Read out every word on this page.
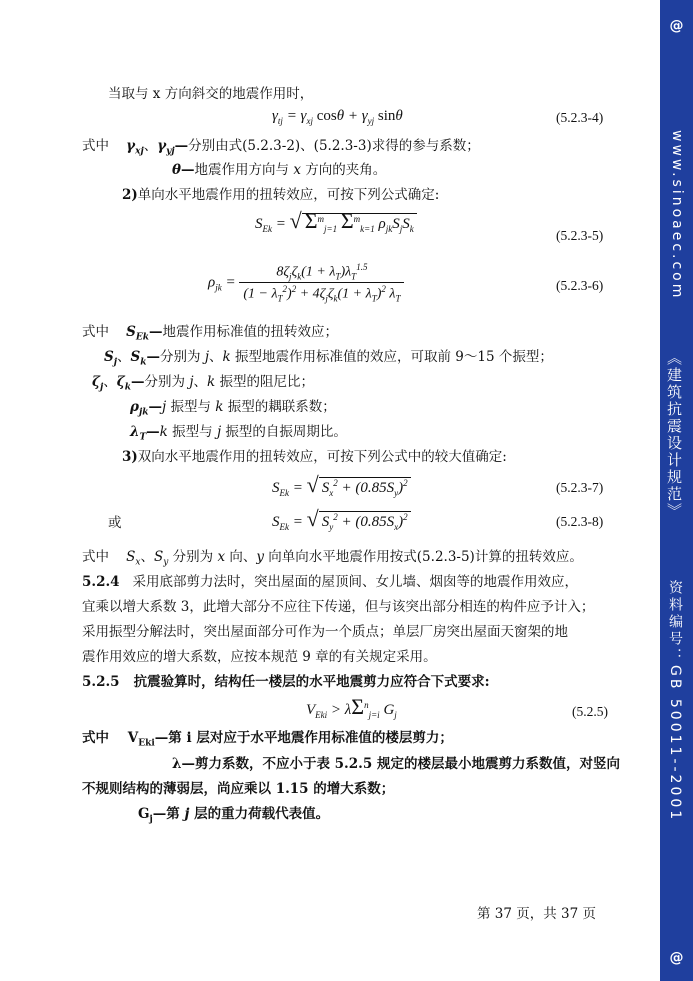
当取与 x 方向斜交的地震作用时，
$\gamma_{tj} = \gamma_{xj}$ $\cos\theta + \gamma_{yj}$ sinθ	(5.2.3-4)
式中    $\gamma_{xj}$、$\gamma_{yj}—$分别由式(5.2.3-2)、(5.2.3-3)求得的参与系数；
θ—地震作用方向与 x 方向的夹角。
2)单向水平地震作用的扭转效应，可按下列公式确定:
$S_{Ek}$ = √ $\Sigma^m_{j=1}$ $\Sigma^m_{k=1}$ $\rho_{jk}S_jS_k$	(5.2.3-5)
$\rho_{jk} = \frac{8\zeta_j\zeta_k(1 + \lambda_T)\lambda_T^{1.5}}{(1 - \lambda_T^2)^2 + 4\zeta_j\zeta_k(1 + \lambda_T)^2 \lambda_T}$	(5.2.3-6)
式中    $S_{Ek}—$地震作用标准值的扭转效应；
$S_j$、$S_k—$分别为 j、k 振型地震作用标准值的效应，可取前 9～15 个振型；
$\zeta_j$、$\zeta_k—$分别为 j、k 振型的阻尼比；
$\rho_{jk}—j$ 振型与 k 振型的耦联系数；
$\lambda_T—k$ 振型与 j 振型的自振周期比。
3)双向水平地震作用的扭转效应，可按下列公式中的较大值确定:
$S_{Ek}$ = √ $S_x^2 + (0.85S_y)^2$	(5.2.3-7)
或	$S_{Ek}$ = √ $S_y^2 + (0.85S_x)^2$	(5.2.3-8)
式中    $S_x$、$S_y$ 分别为 x 向、y 向单向水平地震作用按式(5.2.3-5)计算的扭转效应。
5.2.4   采用底部剪力法时，突出屋面的屋顶间、女儿墙、烟囱等的地震作用效应，
宜乘以增大系数 3，此增大部分不应往下传递，但与该突出部分相连的构件应予计入；
采用振型分解法时，突出屋面部分可作为一个质点；单层厂房突出屋面天窗架的地
震作用效应的增大系数，应按本规范 9 章的有关规定采用。
5.2.5   抗震验算时，结构任一楼层的水平地震剪力应符合下式要求:
$V_{Eki} > \lambda\Sigma^n_{j=i}$ $G_j$	(5.2.5)
式中    $V_{Eki}—$第 i 层对应于水平地震作用标准值的楼层剪力；
λ—剪力系数，不应小于表 5.2.5 规定的楼层最小地震剪力系数值，对竖向
不规则结构的薄弱层，尚应乘以 1.15 的增大系数；
$G_j—$第 j 层的重力荷载代表值。
第 37 页，共 37 页
@
www.sinoaec.com
《建筑抗震设计规范》
资料编号：GB 50011--2001
@
